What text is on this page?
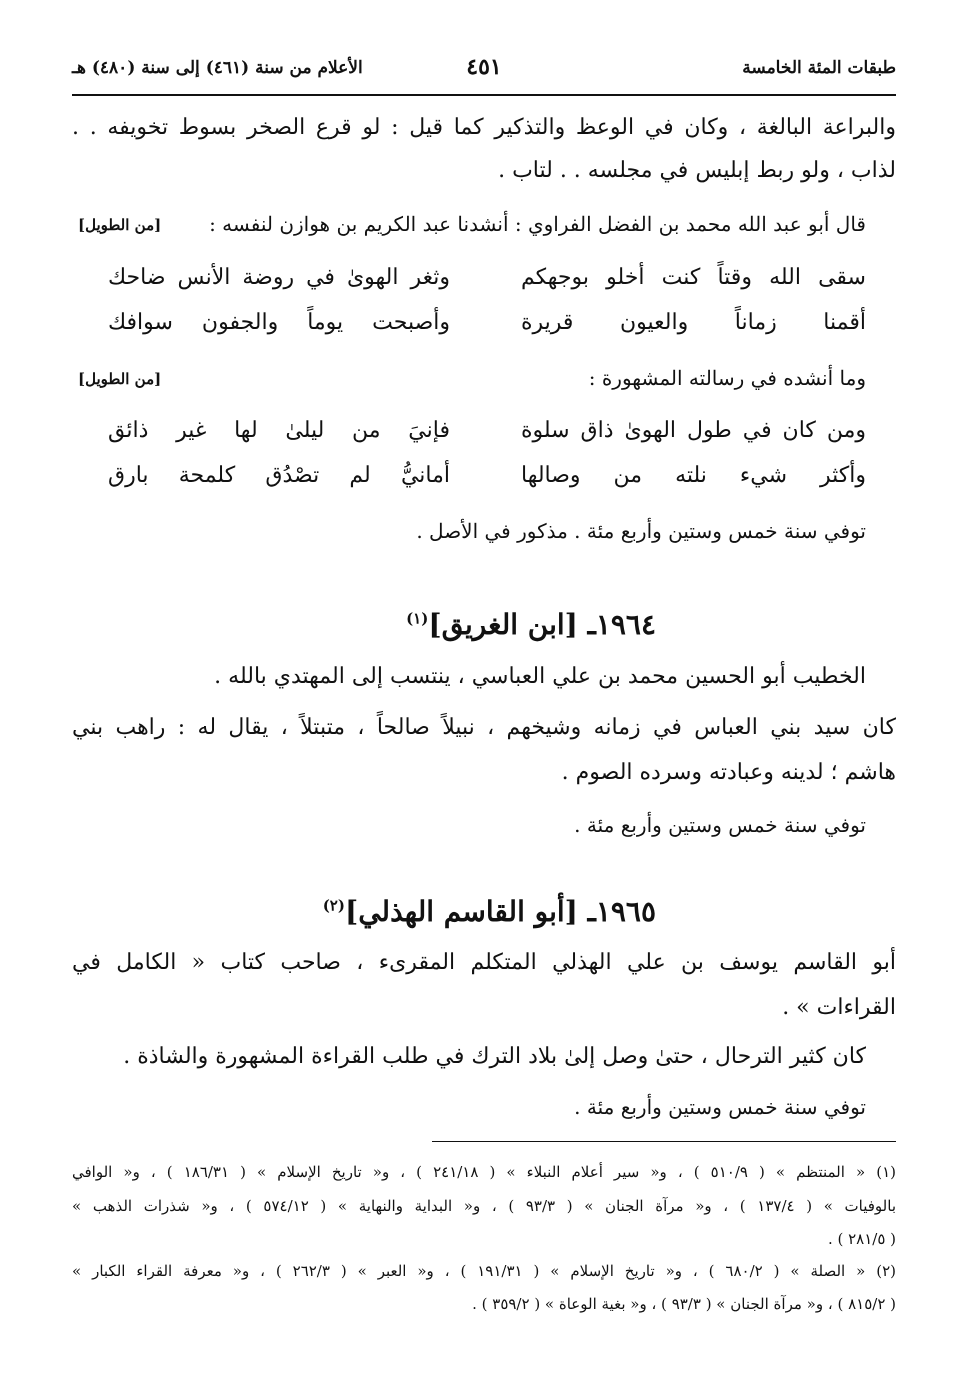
طبقات المئة الخامسة
٤٥١
الأعلام من سنة (٤٦١) إلى سنة (٤٨٠) هـ
والبراعة البالغة ، وكان في الوعظ والتذكير كما قيل : لو قرع الصخر بسوط تخويفه . .
لذاب ، ولو ربط إبليس في مجلسه . . لتاب .
قال أبو عبد الله محمد بن الفضل الفراوي : أنشدنا عبد الكريم بن هوازن لنفسه :
[من الطويل]
سقى الله وقتاً كنت أخلو بوجهكم
وثغر الهوىٰ في روضة الأنس ضاحك
أقمنا زماناً والعيون قريرة
وأصبحت يوماً والجفون سوافك
وما أنشده في رسالته المشهورة :
[من الطويل]
ومن كان في طول الهوىٰ ذاق سلوة
فإنيَ من ليلىٰ لها غير ذائق
وأكثر شيء نلته من وصالها
أمانيُّ لم تصْدُق كلمحة بارق
توفي سنة خمس وستين وأربع مئة . مذكور في الأصل .
١٩٦٤ـ [ابن الغريق]$^{(١)}$
الخطيب أبو الحسين محمد بن علي العباسي ، ينتسب إلى المهتدي بالله .
كان سيد بني العباس في زمانه وشيخهم ، نبيلاً صالحاً ، متبتلاً ، يقال له : راهب بني
هاشم ؛ لدينه وعبادته وسرده الصوم .
توفي سنة خمس وستين وأربع مئة .
١٩٦٥ـ [أبو القاسم الهذلي]$^{(٢)}$
أبو القاسم يوسف بن علي الهذلي المتكلم المقرىء ، صاحب كتاب « الكامل في
القراءات » .
كان كثير الترحال ، حتىٰ وصل إلىٰ بلاد الترك في طلب القراءة المشهورة والشاذة .
توفي سنة خمس وستين وأربع مئة .
(١) « المنتظم » ( ٥١٠/٩ ) ، و« سير أعلام النبلاء » ( ٢٤١/١٨ ) ، و« تاريخ الإسلام » ( ١٨٦/٣١ ) ، و« الوافي
بالوفيات » ( ١٣٧/٤ ) ، و« مرآة الجنان » ( ٩٣/٣ ) ، و« البداية والنهاية » ( ٥٧٤/١٢ ) ، و« شذرات الذهب »
( ٢٨١/٥ ) .
(٢) « الصلة » ( ٦٨٠/٢ ) ، و« تاريخ الإسلام » ( ١٩١/٣١ ) ، و« العبر » ( ٢٦٢/٣ ) ، و« معرفة القراء الكبار »
( ٨١٥/٢ ) ، و« مرآة الجنان » ( ٩٣/٣ ) ، و« بغية الوعاة » ( ٣٥٩/٢ ) .
